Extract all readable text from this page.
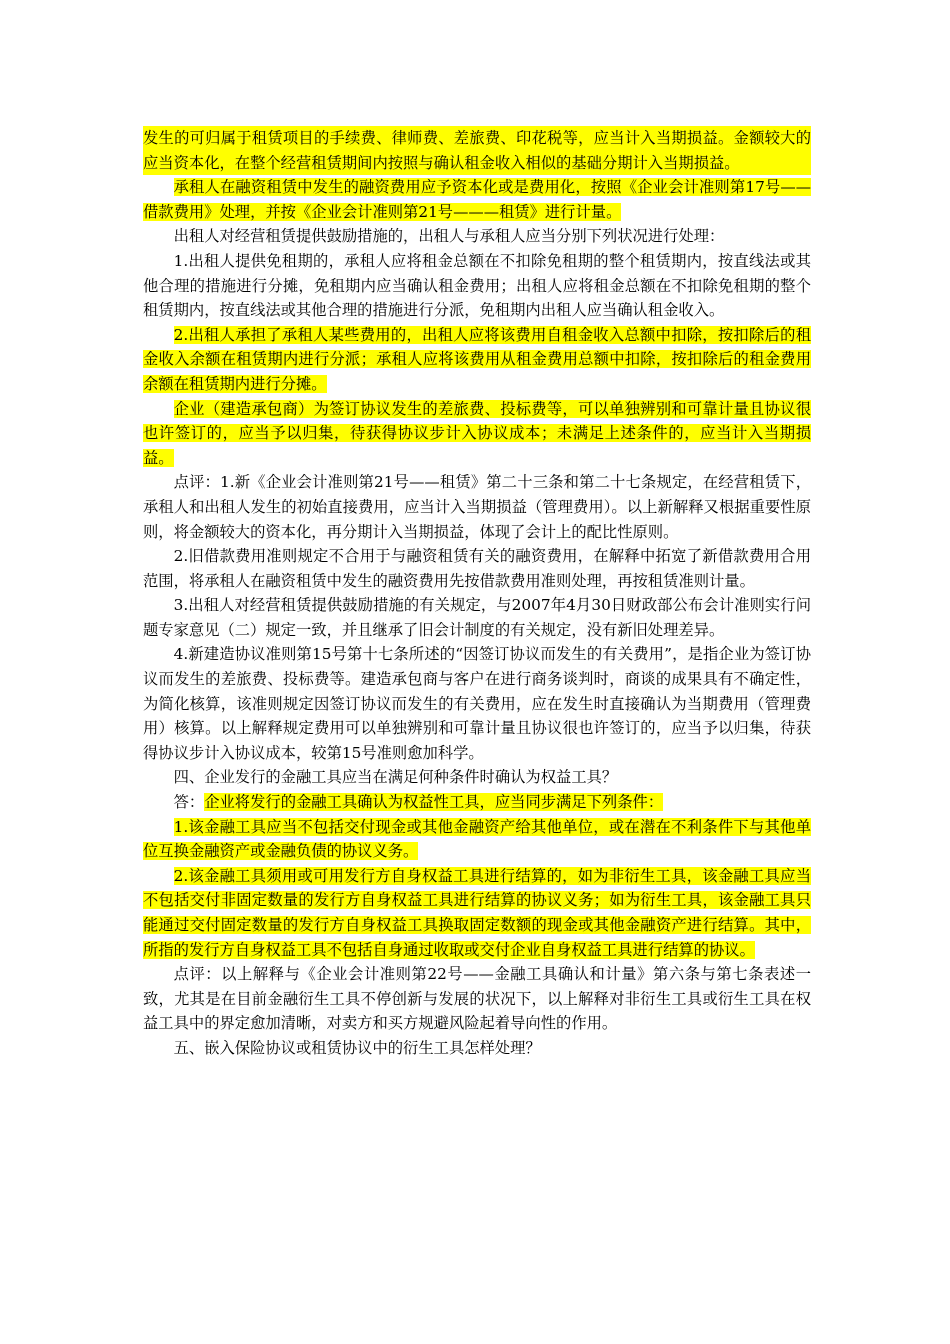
发生的可归属于租赁项目的手续费、律师费、差旅费、印花税等，应当计入当期损益。金额较大的应当资本化，在整个经营租赁期间内按照与确认租金收入相似的基础分期计入当期损益。

承租人在融资租赁中发生的融资费用应予资本化或是费用化，按照《企业会计准则第17号——借款费用》处理，并按《企业会计准则第21号———租赁》进行计量。

出租人对经营租赁提供鼓励措施的，出租人与承租人应当分别下列状况进行处理：

1.出租人提供免租期的，承租人应将租金总额在不扣除免租期的整个租赁期内，按直线法或其他合理的措施进行分摊，免租期内应当确认租金费用；出租人应将租金总额在不扣除免租期的整个租赁期内，按直线法或其他合理的措施进行分派，免租期内出租人应当确认租金收入。

2.出租人承担了承租人某些费用的，出租人应将该费用自租金收入总额中扣除，按扣除后的租金收入余额在租赁期内进行分派；承租人应将该费用从租金费用总额中扣除，按扣除后的租金费用余额在租赁期内进行分摊。

企业（建造承包商）为签订协议发生的差旅费、投标费等，可以单独辨别和可靠计量且协议很也许签订的，应当予以归集，待获得协议步计入协议成本；未满足上述条件的，应当计入当期损益。

点评：1.新《企业会计准则第21号——租赁》第二十三条和第二十七条规定，在经营租赁下，承租人和出租人发生的初始直接费用，应当计入当期损益（管理费用）。以上新解释又根据重要性原则，将金额较大的资本化，再分期计入当期损益，体现了会计上的配比性原则。

2.旧借款费用准则规定不合用于与融资租赁有关的融资费用，在解释中拓宽了新借款费用合用范围，将承租人在融资租赁中发生的融资费用先按借款费用准则处理，再按租赁准则计量。

3.出租人对经营租赁提供鼓励措施的有关规定，与2007年4月30日财政部公布会计准则实行问题专家意见（二）规定一致，并且继承了旧会计制度的有关规定，没有新旧处理差异。

4.新建造协议准则第15号第十七条所述的“因签订协议而发生的有关费用”，是指企业为签订协议而发生的差旅费、投标费等。建造承包商与客户在进行商务谈判时，商谈的成果具有不确定性，为简化核算，该准则规定因签订协议而发生的有关费用，应在发生时直接确认为当期费用（管理费用）核算。以上解释规定费用可以单独辨别和可靠计量且协议很也许签订的，应当予以归集，待获得协议步计入协议成本，较第15号准则愈加科学。

四、企业发行的金融工具应当在满足何种条件时确认为权益工具？

答：企业将发行的金融工具确认为权益性工具，应当同步满足下列条件：

1.该金融工具应当不包括交付现金或其他金融资产给其他单位，或在潜在不利条件下与其他单位互换金融资产或金融负债的协议义务。

2.该金融工具须用或可用发行方自身权益工具进行结算的，如为非衍生工具，该金融工具应当不包括交付非固定数量的发行方自身权益工具进行结算的协议义务；如为衍生工具，该金融工具只能通过交付固定数量的发行方自身权益工具换取固定数额的现金或其他金融资产进行结算。其中，所指的发行方自身权益工具不包括自身通过收取或交付企业自身权益工具进行结算的协议。

点评：以上解释与《企业会计准则第22号——金融工具确认和计量》第六条与第七条表述一致，尤其是在目前金融衍生工具不停创新与发展的状况下，以上解释对非衍生工具或衍生工具在权益工具中的界定愈加清晰，对卖方和买方规避风险起着导向性的作用。

五、嵌入保险协议或租赁协议中的衍生工具怎样处理？
